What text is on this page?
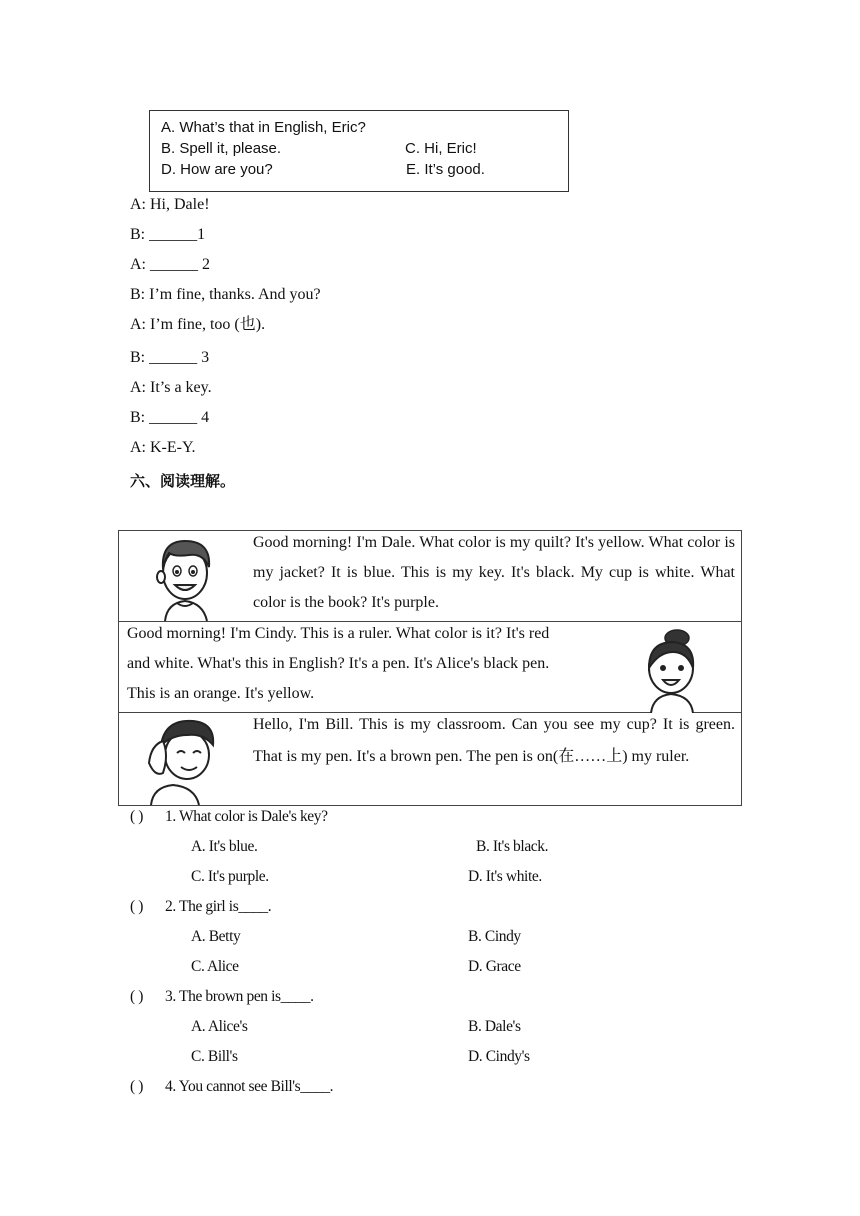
A. What’s that in English, Eric?
B. Spell it, please.	C. Hi, Eric!
D. How are you?	E. It’s good.
A: Hi, Dale!
B: ______1
A: ______ 2
B: I’m fine, thanks. And you?
A: I’m fine, too (也).
B: ______ 3
A: It’s a key.
B: ______ 4
A: K-E-Y.
六、阅读理解。
Good morning! I'm Dale. What color is my quilt? It's yellow. What color is my jacket? It is blue. This is my key. It's black. My cup is white. What color is the book? It's purple.
Good morning! I'm Cindy. This is a ruler. What color is it? It's red
and white. What's this in English? It's a pen. It's Alice's black pen.
This is an orange. It's yellow.
Hello, I'm Bill. This is my classroom. Can you see my cup? It is green. That is my pen. It's a brown pen. The pen is on(在……上) my ruler.
( ) 1. What color is Dale's key?
A. It's blue.	B. It's black.
C. It's purple.	D. It's white.
( ) 2. The girl is____.
A. Betty	B. Cindy
C. Alice	D. Grace
( ) 3. The brown pen is____.
A. Alice's	B. Dale's
C. Bill's	D. Cindy's
( ) 4. You cannot see Bill's____.
